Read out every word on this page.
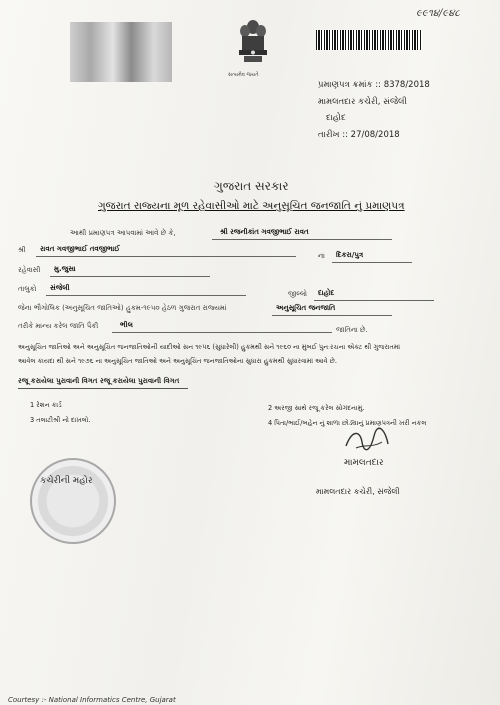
સત્યમેવ જયતે
૯૯૧૪/૯૪૮
પ્રમાણપત્ર ક્રમાંક :: 8378/2018
મામલતદાર કચેરી, સંજેલી
દાહોદ
તારીખ :: 27/08/2018
ગુજરાત સરકાર
ગુજરાત રાજ્યના મૂળ રહેવાસીઓ માટે અનુસૂચિત જનજાતિ નું પ્રમાણપત્ર
આથી પ્રમાણપત્ર આપવામાં આવે છે કે,	શ્રી રજનીકાંત ગવજીભાઈ રાવત
શ્રી રાવત ગવજીભાઈ તવજીભાઈ
ના દિકરા/પુત્ર
રહેવાસી મુ.જુસા
તાલુકો સંજેલી
જીલ્લો દાહોદ
જેના ભૌગોલિક (અનુસૂચિત જાતિઓ) હુકમ-૧૯૫૦ હેઠળ ગુજરાત રાજ્યમાં	અનુસૂચિત જનજાતિ
તરીકે માન્ય કરેલ જાતિ પૈકી	ભીલ
જાતિના છે.
અનુસૂચિત જાતિઓ અને અનુસૂચિત જનજાતિઓની યાદીઓ સન ૧૯૫૬ (સુધારેલી) હુકમથી સને ૧૯૬૦ ના મુંબઈ પુનઃરચના એક્ટ થી ગુજરાતમાં
આવેલ કાયદા થી સને ૧૯૭૬ ના અનુસૂચિત જાતિઓ અને અનુસૂચિત જનજાતિઓના સુધારા હુકમથી સુધારવામાં આવે છે.
રજૂ કરાયેલા પુરાવાની વિગત રજૂ કરાયેલા પુરાવાની વિગત
1 રેશન કાર્ડ	2 અરજી સાથે રજૂ કરેલ સોગંદનામું.
3 તલાટીશ્રી નો દાખલો.	4 પિતા/ભાઈ/બહેન નું શાળા છોડ્યાનું પ્રમાણપત્રની ખરી નકલ
કચેરીની મહોર
મામલતદાર
મામલતદાર કચેરી, સંજેલી
Courtesy :- National Informatics Centre, Gujarat
